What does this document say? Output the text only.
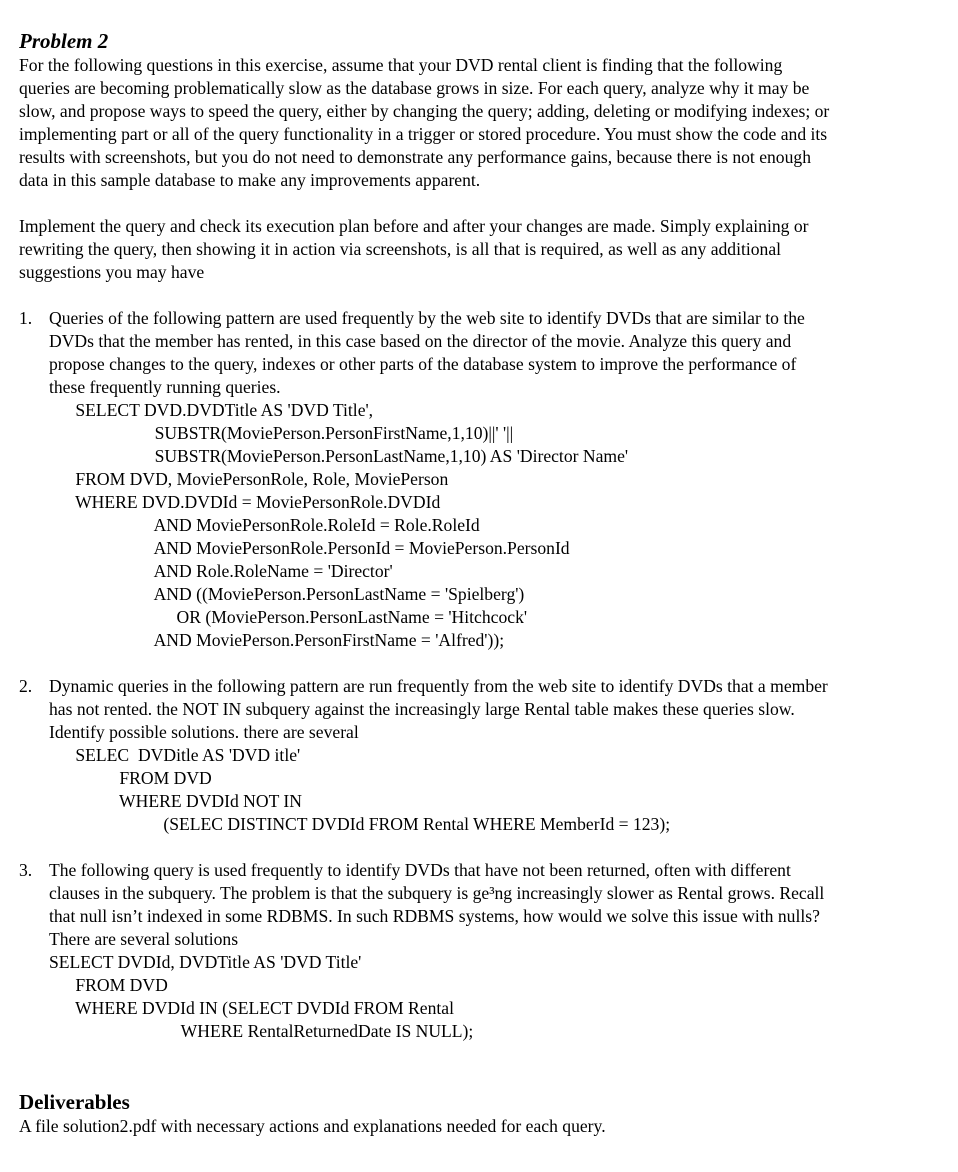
Problem 2

For the following questions in this exercise, assume that your DVD rental client is finding that the following
queries are becoming problematically slow as the database grows in size. For each query, analyze why it may be
slow, and propose ways to speed the query, either by changing the query; adding, deleting or modifying indexes; or
implementing part or all of the query functionality in a trigger or stored procedure. You must show the code and its
results with screenshots, but you do not need to demonstrate any performance gains, because there is not enough
data in this sample database to make any improvements apparent.

Implement the query and check its execution plan before and after your changes are made. Simply explaining or
rewriting the query, then showing it in action via screenshots, is all that is required, as well as any additional
suggestions you may have

1. Queries of the following pattern are used frequently by the web site to identify DVDs that are similar to the
DVDs that the member has rented, in this case based on the director of the movie. Analyze this query and
propose changes to the query, indexes or other parts of the database system to improve the performance of
these frequently running queries.

SELECT DVD.DVDTitle AS 'DVD Title',
SUBSTR(MoviePerson.PersonFirstName,1,10)||' '||
SUBSTR(MoviePerson.PersonLastName,1,10) AS 'Director Name'
FROM DVD, MoviePersonRole, Role, MoviePerson
WHERE DVD.DVDId = MoviePersonRole.DVDId
AND MoviePersonRole.RoleId = Role.RoleId
AND MoviePersonRole.PersonId = MoviePerson.PersonId
AND Role.RoleName = 'Director'
AND ((MoviePerson.PersonLastName = 'Spielberg')
OR (MoviePerson.PersonLastName = 'Hitchcock'
AND MoviePerson.PersonFirstName = 'Alfred'));
2. Dynamic queries in the following pattern are run frequently from the web site to identify DVDs that a member
has not rented. the NOT IN subquery against the increasingly large Rental table makes these queries slow.
Identify possible solutions. there are several

SELEC  DVDitle AS 'DVD itle'
FROM DVD
WHERE DVDId NOT IN
(SELEC DISTINCT DVDId FROM Rental WHERE MemberId = 123);
3. The following query is used frequently to identify DVDs that have not been returned, often with different
clauses in the subquery. The problem is that the subquery is ge³ng increasingly slower as Rental grows. Recall
that null isn’t indexed in some RDBMS. In such RDBMS systems, how would we solve this issue with nulls?
There are several solutions

SELECT DVDId, DVDTitle AS 'DVD Title'
FROM DVD
WHERE DVDId IN (SELECT DVDId FROM Rental
WHERE RentalReturnedDate IS NULL);

Deliverables

A file solution2.pdf with necessary actions and explanations needed for each query.
